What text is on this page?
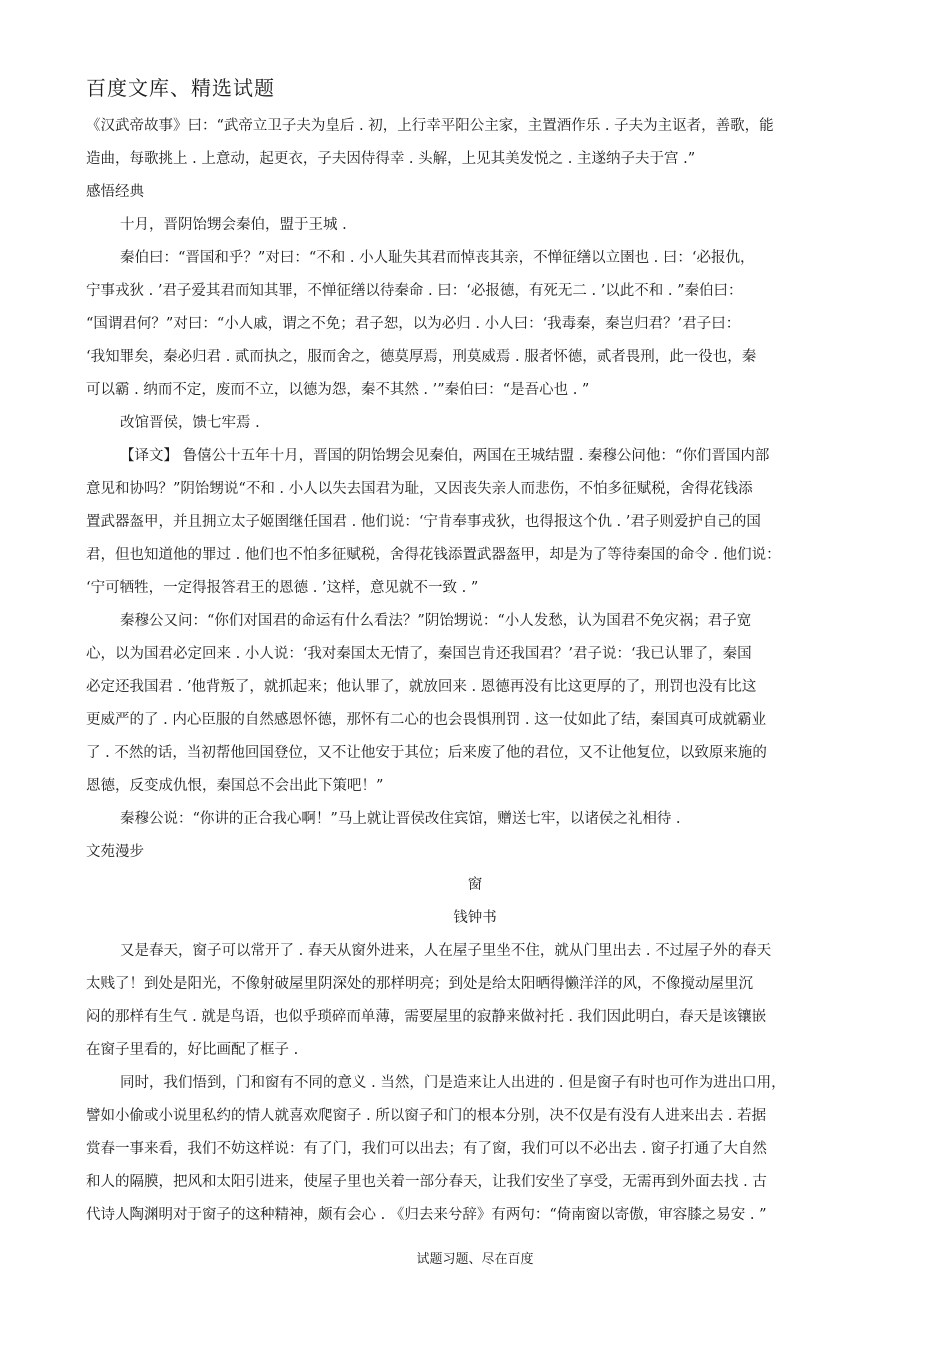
百度文库、精选试题
《汉武帝故事》曰：“武帝立卫子夫为皇后 . 初，上行幸平阳公主家，主置酒作乐 . 子夫为主讴者，善歌，能
造曲，每歌挑上 . 上意动，起更衣，子夫因侍得幸 . 头解，上见其美发悦之 . 主遂纳子夫于宫 .”
感悟经典
十月，晋阴饴甥会秦伯，盟于王城 .
秦伯曰：“晋国和乎？”对曰：“不和 . 小人耻失其君而悼丧其亲，不惮征缮以立圉也 . 曰：‘必报仇，
宁事戎狄 . ’君子爱其君而知其罪，不惮征缮以待秦命 . 曰：‘必报德，有死无二 . ’以此不和 . ”秦伯曰：
“国谓君何？”对曰：“小人戚，谓之不免；君子恕，以为必归 . 小人曰：‘我毒秦，秦岂归君？’君子曰：
‘我知罪矣，秦必归君 . 贰而执之，服而舍之，德莫厚焉，刑莫威焉 . 服者怀德，贰者畏刑，此一役也，秦
可以霸 . 纳而不定，废而不立，以德为怨，秦不其然 . ’”秦伯曰：“是吾心也 . ”
改馆晋侯，馈七牢焉 .
【译文】 鲁僖公十五年十月，晋国的阴饴甥会见秦伯，两国在王城结盟 . 秦穆公问他：“你们晋国内部
意见和协吗？”阴饴甥说“不和 . 小人以失去国君为耻，又因丧失亲人而悲伤，不怕多征赋税，舍得花钱添
置武器盔甲，并且拥立太子姬圉继任国君 . 他们说：‘宁肯奉事戎狄，也得报这个仇 . ’君子则爱护自己的国
君，但也知道他的罪过 . 他们也不怕多征赋税，舍得花钱添置武器盔甲，却是为了等待秦国的命令 . 他们说：
‘宁可牺牲，一定得报答君王的恩德 . ’这样，意见就不一致 . ”
秦穆公又问：“你们对国君的命运有什么看法？”阴饴甥说：“小人发愁，认为国君不免灾祸；君子宽
心，以为国君必定回来 . 小人说：‘我对秦国太无情了，秦国岂肯还我国君？’君子说：‘我已认罪了，秦国
必定还我国君 . ’他背叛了，就抓起来；他认罪了，就放回来 . 恩德再没有比这更厚的了，刑罚也没有比这
更威严的了 . 内心臣服的自然感恩怀德，那怀有二心的也会畏惧刑罚 . 这一仗如此了结，秦国真可成就霸业
了 . 不然的话，当初帮他回国登位，又不让他安于其位；后来废了他的君位，又不让他复位，以致原来施的
恩德，反变成仇恨，秦国总不会出此下策吧！”
秦穆公说：“你讲的正合我心啊！”马上就让晋侯改住宾馆，赠送七牢，以诸侯之礼相待 .
文苑漫步
窗
钱钟书
又是春天，窗子可以常开了 . 春天从窗外进来，人在屋子里坐不住，就从门里出去 . 不过屋子外的春天
太贱了！到处是阳光，不像射破屋里阴深处的那样明亮；到处是给太阳晒得懒洋洋的风，不像搅动屋里沉
闷的那样有生气 . 就是鸟语，也似乎琐碎而单薄，需要屋里的寂静来做衬托 . 我们因此明白，春天是该镶嵌
在窗子里看的，好比画配了框子 .
同时，我们悟到，门和窗有不同的意义 . 当然，门是造来让人出进的 . 但是窗子有时也可作为进出口用，
譬如小偷或小说里私约的情人就喜欢爬窗子 . 所以窗子和门的根本分别，决不仅是有没有人进来出去 . 若据
赏春一事来看，我们不妨这样说：有了门，我们可以出去；有了窗，我们可以不必出去 . 窗子打通了大自然
和人的隔膜，把风和太阳引进来，使屋子里也关着一部分春天，让我们安坐了享受，无需再到外面去找 . 古
代诗人陶渊明对于窗子的这种精神，颇有会心 . 《归去来兮辞》有两句：“倚南窗以寄傲，审容膝之易安 . ”
试题习题、尽在百度
